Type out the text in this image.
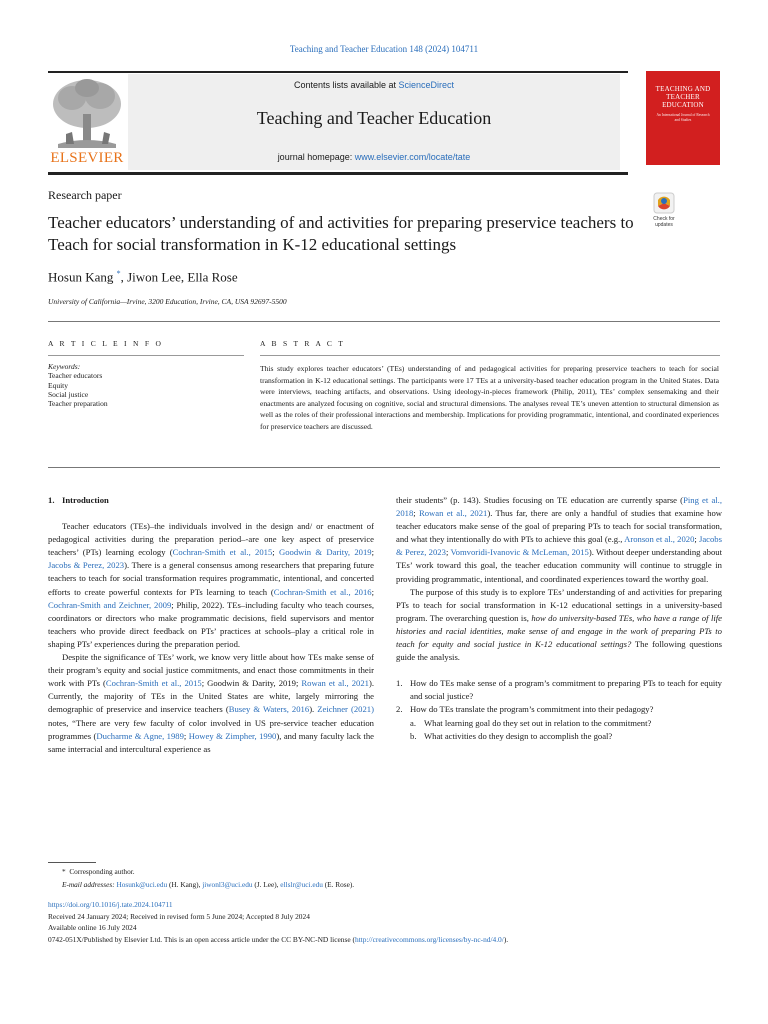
Teaching and Teacher Education 148 (2024) 104711
ELSEVIER
Contents lists available at ScienceDirect
Teaching and Teacher Education
journal homepage: www.elsevier.com/locate/tate
TEACHING AND TEACHER EDUCATION
An International Journal of Research and Studies
Research paper
Teacher educators’ understanding of and activities for preparing preservice teachers to Teach for social transformation in K-12 educational settings
Check for updates
Hosun Kang *, Jiwon Lee, Ella Rose
University of California—Irvine, 3200 Education, Irvine, CA, USA 92697-5500
A R T I C L E I N F O	A B S T R A C T
Keywords:
Teacher educators
Equity
Social justice
Teacher preparation
This study explores teacher educators’ (TEs) understanding of and pedagogical activities for preparing preservice teachers to teach for social transformation in K-12 educational settings. The participants were 17 TEs at a university-based teacher education program in the United States. Data were interviews, teaching artifacts, and observations. Using ideology-in-pieces framework (Philip, 2011), TEs’ complex sensemaking and their enactments are analyzed focusing on cognitive, social and structural dimensions. The analyses reveal TE’s uneven attention to structural dimension as well as the roles of their professional interactions and membership. Implications for providing programmatic, intentional, and coordinated experiences for preservice teachers are discussed.
1. Introduction

Teacher educators (TEs)–the individuals involved in the design and/ or enactment of pedagogical activities during the preparation period–-are one key aspect of preservice teachers’ (PTs) learning ecology (Cochran-Smith et al., 2015; Goodwin & Darity, 2019; Jacobs & Perez, 2023). There is a general consensus among researchers that preparing future teachers to teach for social transformation requires programmatic, intentional, and concerted efforts to create powerful contexts for PTs learning to teach (Cochran-Smith et al., 2016; Cochran-Smith and Zeichner, 2009; Philip, 2022). TEs–including faculty who teach courses, coordinators or directors who make programmatic decisions, field supervisors and mentor teachers who provide direct feedback on PTs’ practices at schools–play a critical role in shaping PTs’ experiences during the preparation period.

Despite the significance of TEs’ work, we know very little about how TEs make sense of their program’s equity and social justice commitments, and enact those commitments in their work with PTs (Cochran-Smith et al., 2015; Goodwin & Darity, 2019; Rowan et al., 2021). Currently, the majority of TEs in the United States are white, largely mirroring the demographic of preservice and inservice teachers (Busey & Waters, 2016). Zeichner (2021) notes, “There are very few faculty of color involved in US pre-service teacher education programmes (Ducharme & Agne, 1989; Howey & Zimpher, 1990), and many faculty lack the same interracial and intercultural experience as

their students” (p. 143). Studies focusing on TE education are currently sparse (Ping et al., 2018; Rowan et al., 2021). Thus far, there are only a handful of studies that examine how teacher educators make sense of the goal of preparing PTs to teach for social transformation, and what they intentionally do with PTs to achieve this goal (e.g., Aronson et al., 2020; Jacobs & Perez, 2023; Vomvoridi-Ivanovic & McLeman, 2015). Without deeper understanding about TEs’ work toward this goal, the teacher education community will continue to struggle in providing programmatic, intentional, and coordinated experiences toward the worthy goal.

The purpose of this study is to explore TEs’ understanding of and activities for preparing PTs to teach for social transformation in K-12 educational settings in a university-based program. The overarching question is, how do university-based TEs, who have a range of life histories and racial identities, make sense of and engage in the work of preparing PTs to teach for equity and social justice in K-12 educational settings? The following questions guide the analysis.

1. How do TEs make sense of a program’s commitment to preparing PTs to teach for equity and social justice?
2. How do TEs translate the program’s commitment into their pedagogy?
a. What learning goal do they set out in relation to the commitment?
b. What activities do they design to accomplish the goal?
* Corresponding author.
E-mail addresses: Hosunk@uci.edu (H. Kang), jiwonl3@uci.edu (J. Lee), ellslr@uci.edu (E. Rose).
https://doi.org/10.1016/j.tate.2024.104711
Received 24 January 2024; Received in revised form 5 June 2024; Accepted 8 July 2024
Available online 16 July 2024
0742-051X/Published by Elsevier Ltd. This is an open access article under the CC BY-NC-ND license (http://creativecommons.org/licenses/by-nc-nd/4.0/).
